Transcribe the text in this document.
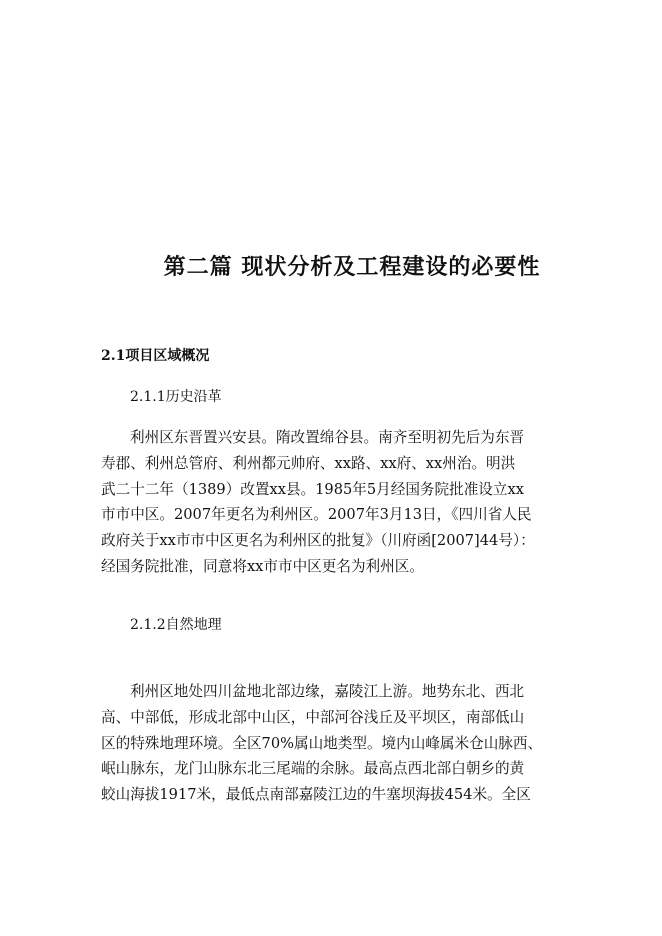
第二篇 现状分析及工程建设的必要性
2.1项目区域概况
2.1.1历史沿革
利州区东晋置兴安县。隋改置绵谷县。南齐至明初先后为东晋
寿郡、利州总管府、利州都元帅府、xx路、xx府、xx州治。明洪
武二十二年（1389）改置xx县。1985年5月经国务院批准设立xx
市市中区。2007年更名为利州区。2007年3月13日，《四川省人民
政府关于xx市市中区更名为利州区的批复》（川府函[2007]44号）：
经国务院批准，同意将xx市市中区更名为利州区。
2.1.2自然地理
利州区地处四川盆地北部边缘，嘉陵江上游。地势东北、西北
高、中部低，形成北部中山区，中部河谷浅丘及平坝区，南部低山
区的特殊地理环境。全区70%属山地类型。境内山峰属米仓山脉西、
岷山脉东，龙门山脉东北三尾端的余脉。最高点西北部白朝乡的黄
蛟山海拔1917米，最低点南部嘉陵江边的牛塞坝海拔454米。全区
